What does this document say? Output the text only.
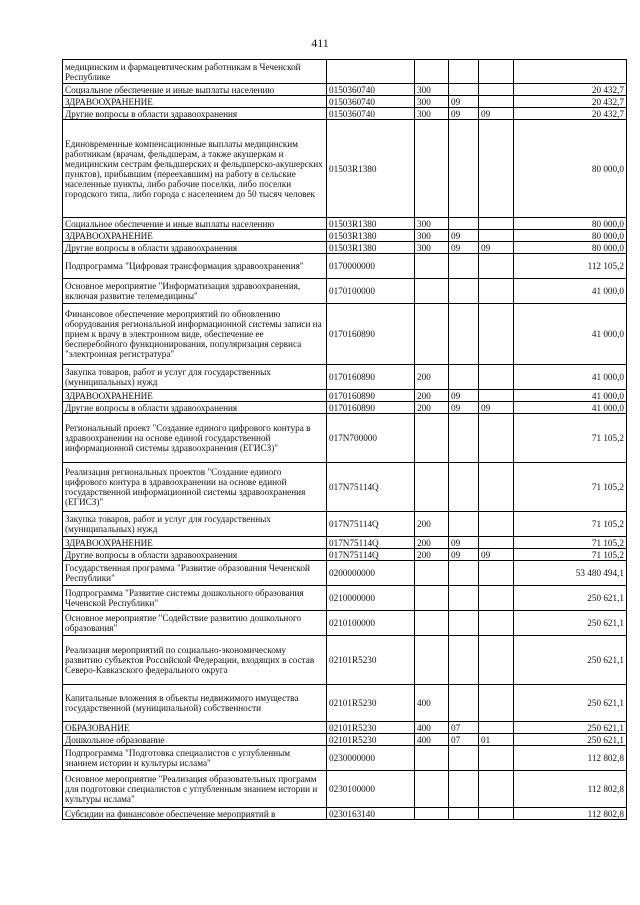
411
медицинским и фармацевтическим работникам в Чеченской Республике					
Социальное обеспечение и иные выплаты населению	0150360740	300			20 432,7
ЗДРАВООХРАНЕНИЕ	0150360740	300	09		20 432,7
Другие вопросы в области здравоохранения	0150360740	300	09	09	20 432,7
Единовременные компенсационные выплаты медицинским работникам (врачам, фельдшерам, а также акушеркам и медицинским сестрам фельдшерских и фельдшерско-акушерских пунктов), прибывшим (переехавшим) на работу в сельские населенные пункты, либо рабочие поселки, либо поселки городского типа, либо города с населением до 50 тысяч человек	01503R1380				80 000,0
Социальное обеспечение и иные выплаты населению	01503R1380	300			80 000,0
ЗДРАВООХРАНЕНИЕ	01503R1380	300	09		80 000,0
Другие вопросы в области здравоохранения	01503R1380	300	09	09	80 000,0
Подпрограмма "Цифровая трансформация здравоохранения"	0170000000				112 105,2
Основное мероприятие "Информатизация здравоохранения, включая развитие телемедицины"	0170100000				41 000,0
Финансовое обеспечение мероприятий по обновлению оборудования региональной информационной системы записи на прием к врачу в электронном виде, обеспечение ее бесперебойного функционирования, популяризация сервиса "электронная регистратура"	0170160890				41 000,0
Закупка товаров, работ и услуг для государственных (муниципальных) нужд	0170160890	200			41 000,0
ЗДРАВООХРАНЕНИЕ	0170160890	200	09		41 000,0
Другие вопросы в области здравоохранения	0170160890	200	09	09	41 000,0
Региональный проект "Создание единого цифрового контура в здравоохранении на основе единой государственной информационной системы здравоохранения (ЕГИСЗ)"	017N700000				71 105,2
Реализация региональных проектов "Создание единого цифрового контура в здравоохранении на основе единой государственной информационной системы здравоохранения (ЕГИСЗ)"	017N75114Q				71 105,2
Закупка товаров, работ и услуг для государственных (муниципальных) нужд	017N75114Q	200			71 105,2
ЗДРАВООХРАНЕНИЕ	017N75114Q	200	09		71 105,2
Другие вопросы в области здравоохранения	017N75114Q	200	09	09	71 105,2
Государственная программа "Развитие образования Чеченской Республики"	0200000000				53 480 494,1
Подпрограмма "Развитие системы дошкольного образования Чеченской Республики"	0210000000				250 621,1
Основное мероприятие "Содействие развитию дошкольного образования"	0210100000				250 621,1
Реализация мероприятий по социально-экономическому развитию субъектов Российской Федерации, входящих в состав Северо-Кавказского федерального округа	02101R5230				250 621,1
Капитальные вложения в объекты недвижимого имущества государственной (муниципальной) собственности	02101R5230	400			250 621,1
ОБРАЗОВАНИЕ	02101R5230	400	07		250 621,1
Дошкольное образование	02101R5230	400	07	01	250 621,1
Подпрограмма "Подготовка специалистов с углубленным знанием истории и культуры ислама"	0230000000				112 802,8
Основное мероприятие "Реализация образовательных программ для подготовки специалистов с углубленным знанием истории и культуры ислама"	0230100000				112 802,8
Субсидии на финансовое обеспечение мероприятий в	0230163140				112 802,8
